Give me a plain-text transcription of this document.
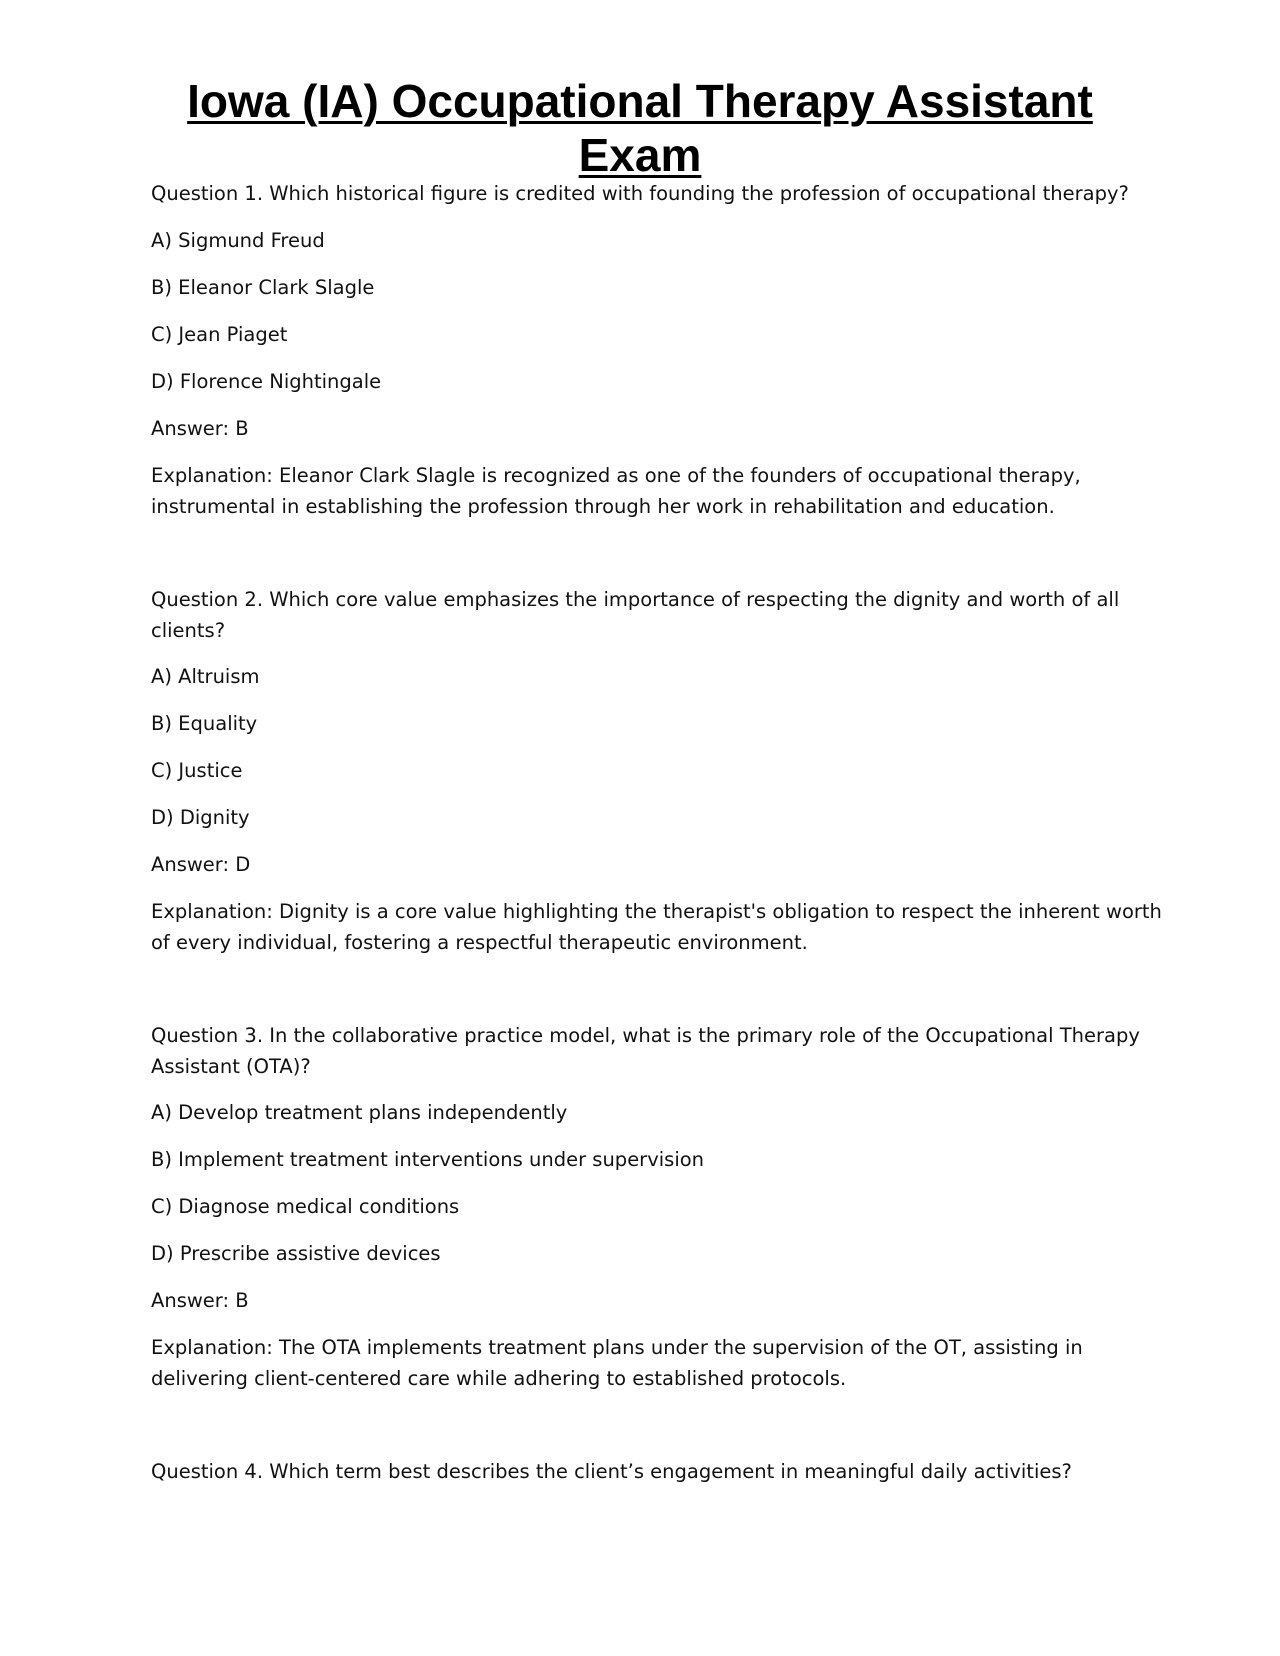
Iowa (IA) Occupational Therapy Assistant
Exam

Question 1. Which historical figure is credited with founding the profession of occupational therapy?

A) Sigmund Freud

B) Eleanor Clark Slagle

C) Jean Piaget

D) Florence Nightingale

Answer: B

Explanation: Eleanor Clark Slagle is recognized as one of the founders of occupational therapy,

instrumental in establishing the profession through her work in rehabilitation and education.

Question 2. Which core value emphasizes the importance of respecting the dignity and worth of all

clients?

A) Altruism

B) Equality

C) Justice

D) Dignity

Answer: D

Explanation: Dignity is a core value highlighting the therapist's obligation to respect the inherent worth

of every individual, fostering a respectful therapeutic environment.

Question 3. In the collaborative practice model, what is the primary role of the Occupational Therapy

Assistant (OTA)?

A) Develop treatment plans independently

B) Implement treatment interventions under supervision

C) Diagnose medical conditions

D) Prescribe assistive devices

Answer: B

Explanation: The OTA implements treatment plans under the supervision of the OT, assisting in

delivering client-centered care while adhering to established protocols.

Question 4. Which term best describes the client’s engagement in meaningful daily activities?
